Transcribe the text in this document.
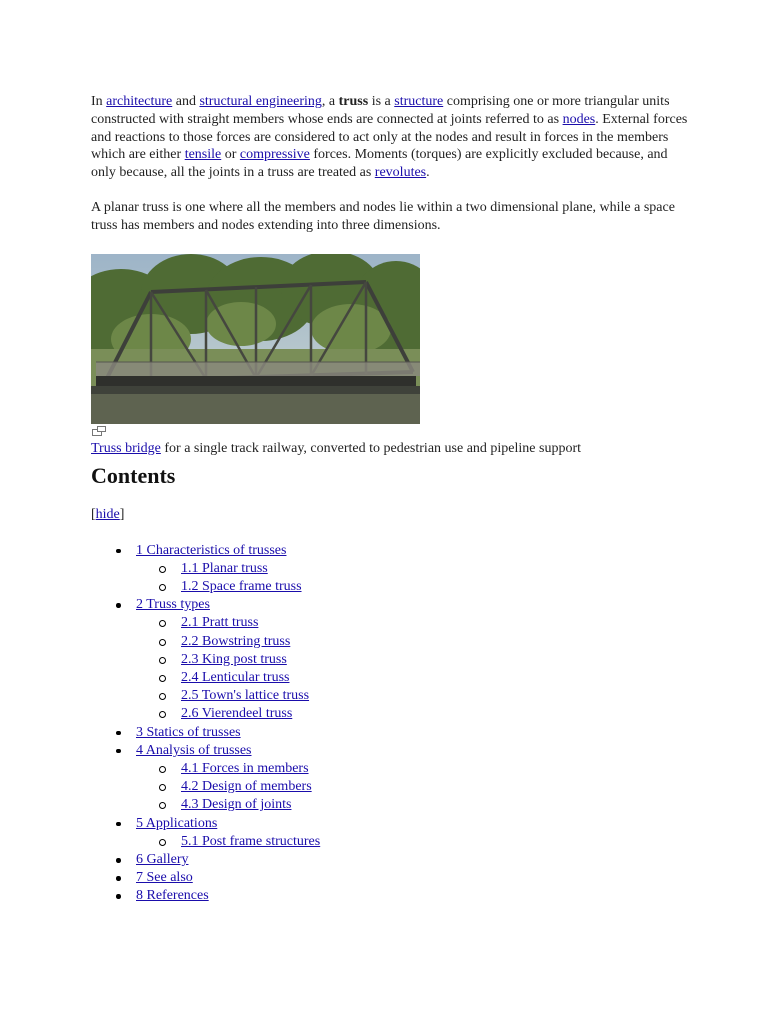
In architecture and structural engineering, a truss is a structure comprising one or more triangular units constructed with straight members whose ends are connected at joints referred to as nodes. External forces and reactions to those forces are considered to act only at the nodes and result in forces in the members which are either tensile or compressive forces. Moments (torques) are explicitly excluded because, and only because, all the joints in a truss are treated as revolutes.

A planar truss is one where all the members and nodes lie within a two dimensional plane, while a space truss has members and nodes extending into three dimensions.

Truss bridge for a single track railway, converted to pedestrian use and pipeline support
Contents
[hide]
1 Characteristics of trusses
1.1 Planar truss
1.2 Space frame truss
2 Truss types
2.1 Pratt truss
2.2 Bowstring truss
2.3 King post truss
2.4 Lenticular truss
2.5 Town's lattice truss
2.6 Vierendeel truss
3 Statics of trusses
4 Analysis of trusses
4.1 Forces in members
4.2 Design of members
4.3 Design of joints
5 Applications
5.1 Post frame structures
6 Gallery
7 See also
8 References
